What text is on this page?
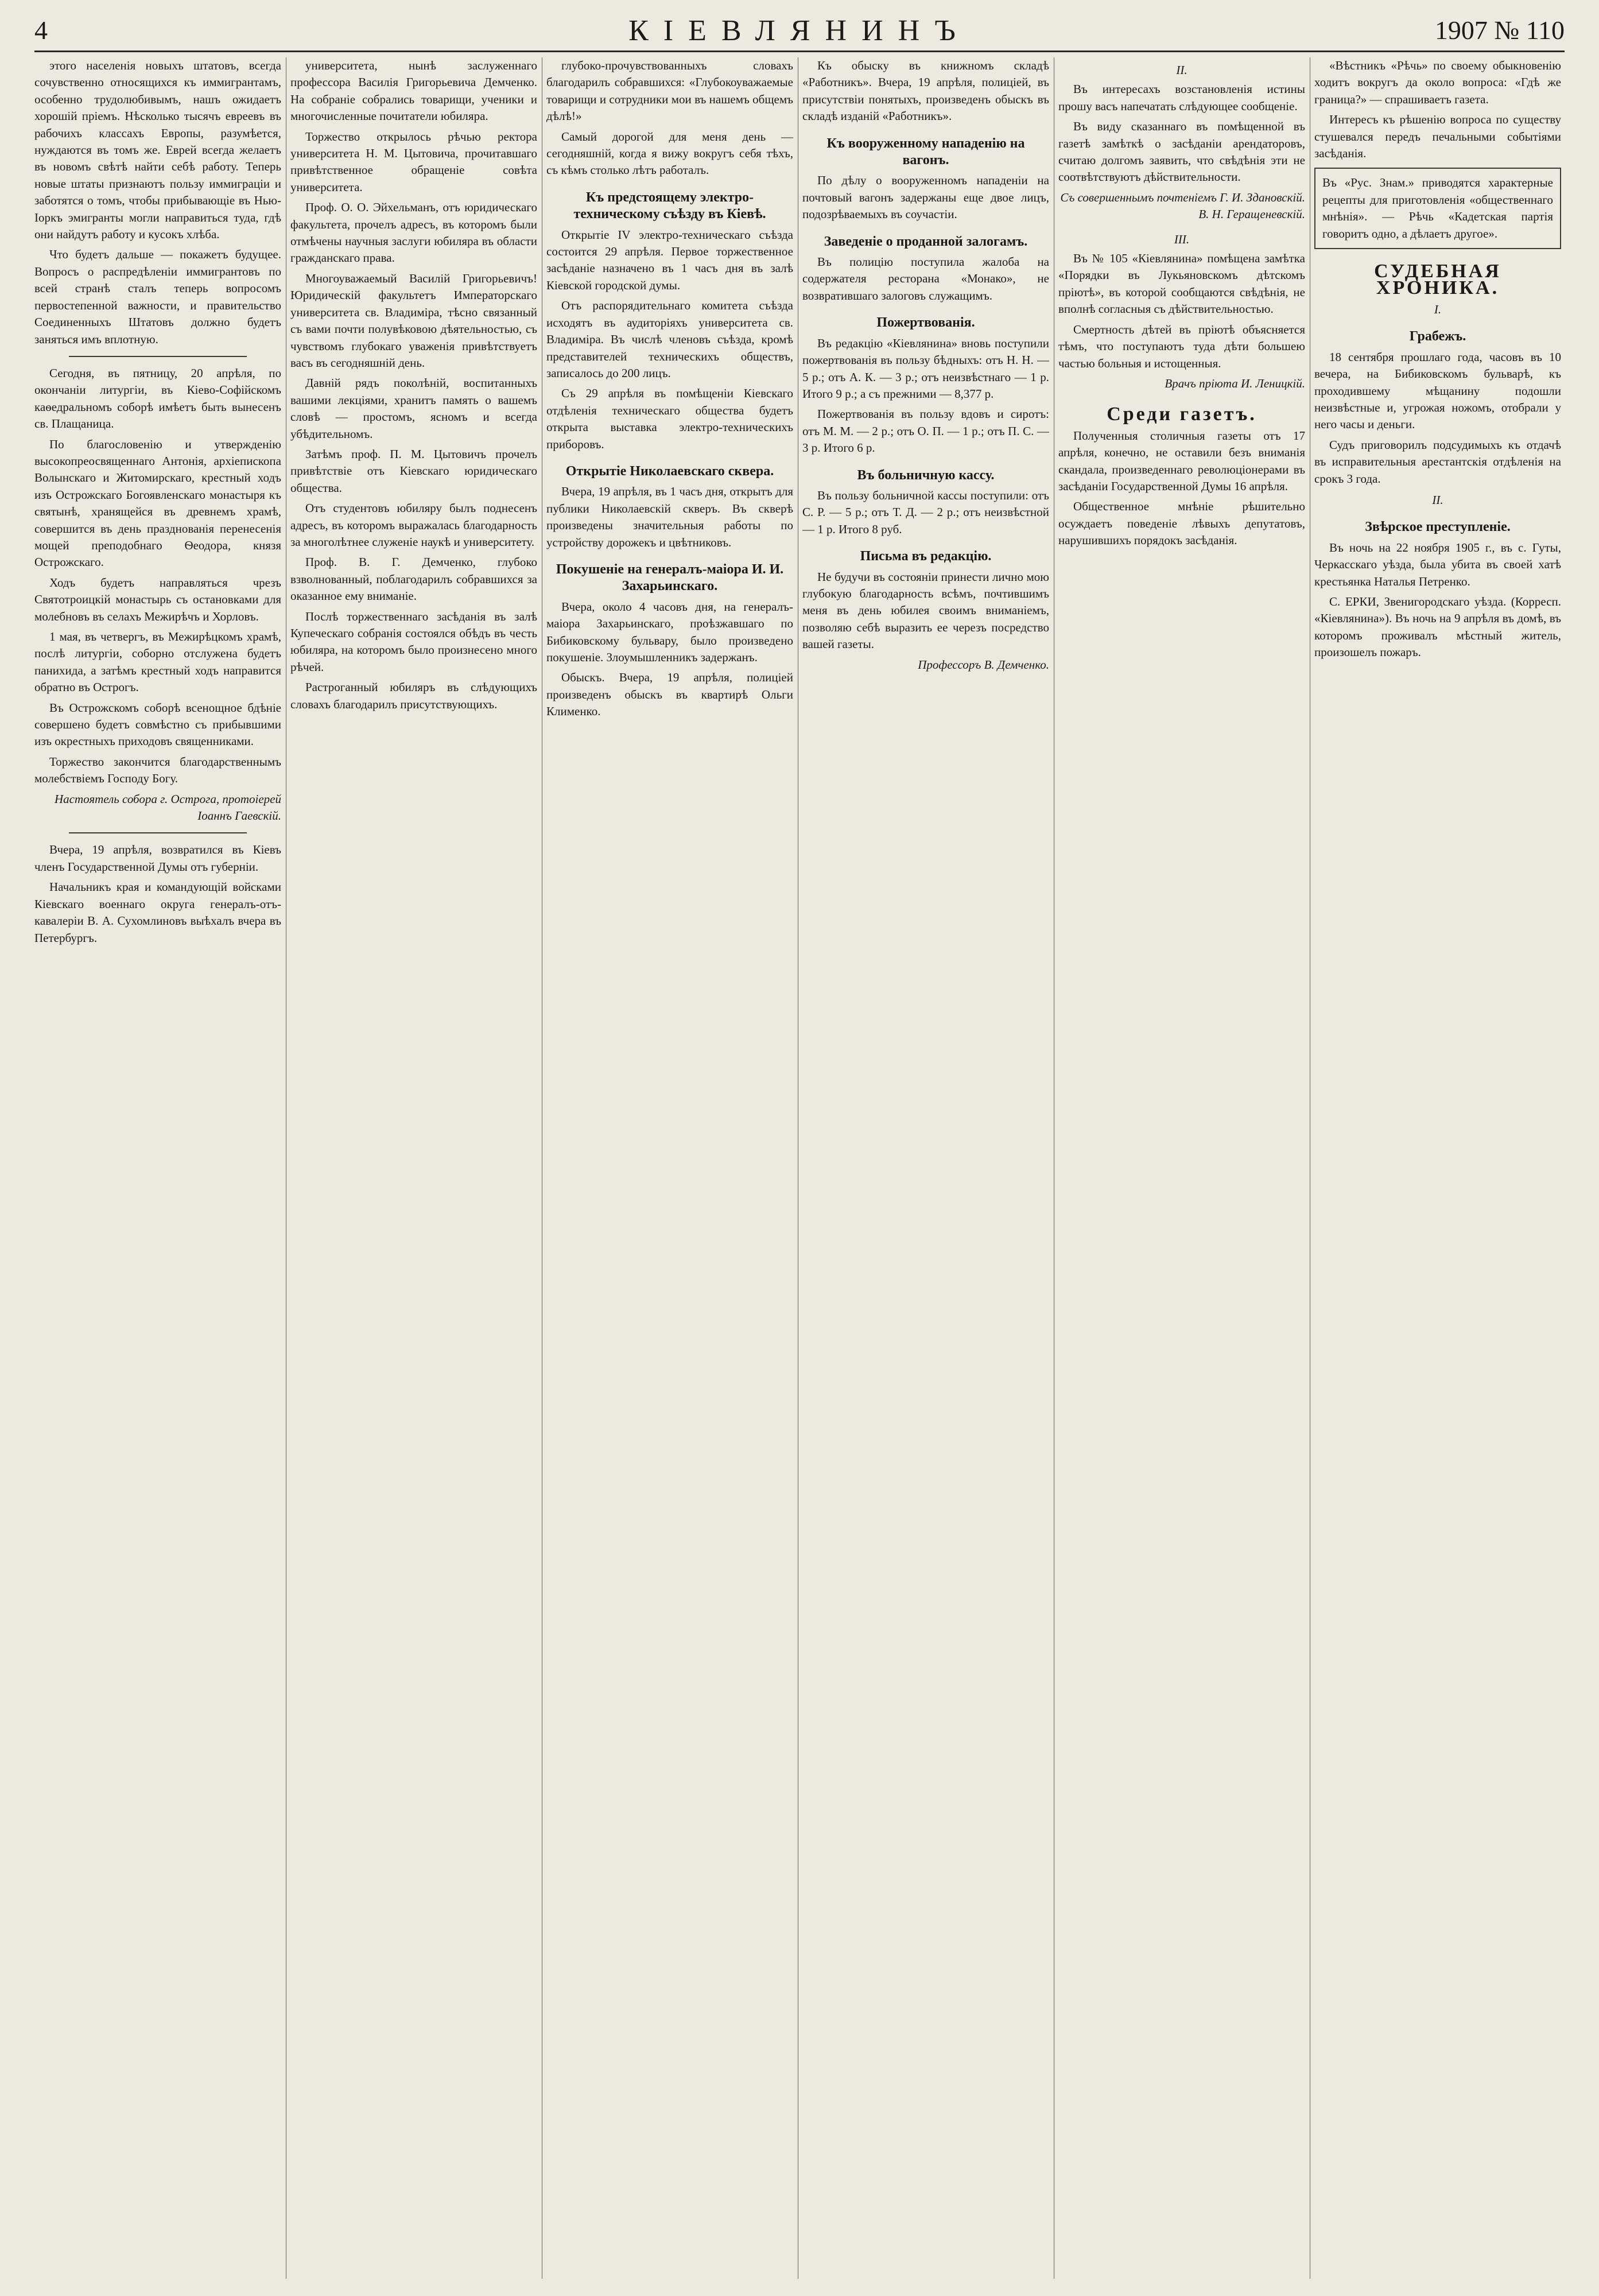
4	КІЕВЛЯНИНЪ	1907 № 110

этого населенія новыхъ штатовъ, всегда сочувственно относящихся къ иммигрантамъ, особенно трудолюбивымъ, нашъ ожидаетъ хорошій пріемъ. Нѣсколько тысячъ евреевъ въ рабочихъ классахъ Европы, разумѣется, нуждаются въ томъ же. Еврей всегда желаетъ въ новомъ свѣтѣ найти себѣ работу. Теперь новые штаты признаютъ пользу иммиграціи и заботятся о томъ, чтобы прибывающіе въ Нью-Іоркъ эмигранты могли направиться туда, гдѣ они найдутъ работу и кусокъ хлѣба.

Что будетъ дальше — покажетъ будущее. Вопросъ о распредѣленіи иммигрантовъ по всей странѣ сталъ теперь вопросомъ первостепенной важности, и правительство Соединенныхъ Штатовъ должно будетъ заняться имъ вплотную.

Сегодня, въ пятницу, 20 апрѣля, по окончаніи литургіи, въ Кіево-Софійскомъ каѳедральномъ соборѣ имѣетъ быть вынесенъ св. Плащаница.

По благословенію и утвержденію высокопреосвященнаго Антонія, архіепископа Волынскаго и Житомирскаго, крестный ходъ изъ Острожскаго Богоявленскаго монастыря къ святынѣ, хранящейся въ древнемъ храмѣ, совершится въ день празднованія перенесенія мощей преподобнаго Ѳеодора, князя Острожскаго.

Ходъ будетъ направляться чрезъ Святотроицкій монастырь съ остановками для молебновъ въ селахъ Межирѣчъ и Хорловъ.

1 мая, въ четвергъ, въ Межирѣцкомъ храмѣ, послѣ литургіи, соборно отслужена будетъ панихида, а затѣмъ крестный ходъ направится обратно въ Острогъ.

Въ Острожскомъ соборѣ всенощное бдѣніе совершено будетъ совмѣстно съ прибывшими изъ окрестныхъ приходовъ священниками.

Торжество закончится благодарственнымъ молебствіемъ Господу Богу.

Настоятель собора г. Острога, протоіерей Іоаннъ Гаевскій.

Вчера, 19 апрѣля, возвратился въ Кіевъ членъ Государственной Думы отъ губерніи.

Начальникъ края и командующій войсками Кіевскаго военнаго округа генералъ-отъ-кавалеріи В. А. Сухомлиновъ выѣхалъ вчера въ Петербургъ.

университета, нынѣ заслуженнаго профессора Василія Григорьевича Демченко. На собраніе собрались товарищи, ученики и многочисленные почитатели юбиляра.

Торжество открылось рѣчью ректора университета Н. М. Цытовича, прочитавшаго привѣтственное обращеніе совѣта университета.

Проф. О. О. Эйхельманъ, отъ юридическаго факультета, прочелъ адресъ, въ которомъ были отмѣчены научныя заслуги юбиляра въ области гражданскаго права.

Многоуважаемый Василій Григорьевичъ! Юридическій факультетъ Императорскаго университета св. Владиміра, тѣсно связанный съ вами почти полувѣковою дѣятельностью, съ чувствомъ глубокаго уваженія привѣтствуетъ васъ въ сегодняшній день.

Давній рядъ поколѣній, воспитанныхъ вашими лекціями, хранитъ память о вашемъ словѣ — простомъ, ясномъ и всегда убѣдительномъ.

Затѣмъ проф. П. М. Цытовичъ прочелъ привѣтствіе отъ Кіевскаго юридическаго общества.

Отъ студентовъ юбиляру былъ поднесенъ адресъ, въ которомъ выражалась благодарность за многолѣтнее служеніе наукѣ и университету.

Проф. В. Г. Демченко, глубоко взволнованный, поблагодарилъ собравшихся за оказанное ему вниманіе.

Послѣ торжественнаго засѣданія въ залѣ Купеческаго собранія состоялся обѣдъ въ честь юбиляра, на которомъ было произнесено много рѣчей.

Растроганный юбиляръ въ слѣдующихъ словахъ благодарилъ присутствующихъ.

глубоко-прочувствованныхъ словахъ благодарилъ собравшихся: «Глубокоуважаемые товарищи и сотрудники мои въ нашемъ общемъ дѣлѣ!»

Самый дорогой для меня день — сегодняшній, когда я вижу вокругъ себя тѣхъ, съ кѣмъ столько лѣтъ работалъ.

Къ предстоящему электро-техническому съѣзду въ Кіевѣ.

Открытіе IV электро-техническаго съѣзда состоится 29 апрѣля. Первое торжественное засѣданіе назначено въ 1 часъ дня въ залѣ Кіевской городской думы.

Отъ распорядительнаго комитета съѣзда исходятъ въ аудиторіяхъ университета св. Владиміра. Въ числѣ членовъ съѣзда, кромѣ представителей техническихъ обществъ, записалось до 200 лицъ.

Съ 29 апрѣля въ помѣщеніи Кіевскаго отдѣленія техническаго общества будетъ открыта выставка электро-техническихъ приборовъ.

Открытіе Николаевскаго сквера.

Вчера, 19 апрѣля, въ 1 часъ дня, открытъ для публики Николаевскій скверъ. Въ скверѣ произведены значительныя работы по устройству дорожекъ и цвѣтниковъ.

Покушеніе на генералъ-маіора И. И. Захарьинскаго.

Вчера, около 4 часовъ дня, на генералъ-маіора Захарьинскаго, проѣзжавшаго по Бибиковскому бульвару, было произведено покушеніе. Злоумышленникъ задержанъ.

Обыскъ. Вчера, 19 апрѣля, полиціей произведенъ обыскъ въ квартирѣ Ольги Клименко.

Къ обыску въ книжномъ складѣ «Работникъ». Вчера, 19 апрѣля, полиціей, въ присутствіи понятыхъ, произведенъ обыскъ въ складѣ изданій «Работникъ».

Къ вооруженному нападенію на вагонъ.

По дѣлу о вооруженномъ нападеніи на почтовый вагонъ задержаны еще двое лицъ, подозрѣваемыхъ въ соучастіи.

Заведеніе о проданной залогамъ.

Въ полицію поступила жалоба на содержателя ресторана «Монако», не возвратившаго залоговъ служащимъ.

Пожертвованія.

Въ редакцію «Кіевлянина» вновь поступили пожертвованія въ пользу бѣдныхъ: отъ Н. Н. — 5 р.; отъ А. К. — 3 р.; отъ неизвѣстнаго — 1 р. Итого 9 р.; а съ прежними — 8,377 р.

Пожертвованія въ пользу вдовъ и сиротъ: отъ М. М. — 2 р.; отъ О. П. — 1 р.; отъ П. С. — 3 р. Итого 6 р.

Въ больничную кассу.

Въ пользу больничной кассы поступили: отъ С. Р. — 5 р.; отъ Т. Д. — 2 р.; отъ неизвѣстной — 1 р. Итого 8 руб.

Письма въ редакцію.

Не будучи въ состояніи принести лично мою глубокую благодарность всѣмъ, почтившимъ меня въ день юбилея своимъ вниманіемъ, позволяю себѣ выразить ее черезъ посредство вашей газеты.

Профессоръ В. Демченко.

II.

Въ интересахъ возстановленія истины прошу васъ напечатать слѣдующее сообщеніе.

Въ виду сказаннаго въ помѣщенной въ газетѣ замѣткѣ о засѣданіи арендаторовъ, считаю долгомъ заявить, что свѣдѣнія эти не соотвѣтствуютъ дѣйствительности.

Съ совершеннымъ почтеніемъ Г. И. Здановскій. В. Н. Геращеневскій.

III.

Въ № 105 «Кіевлянина» помѣщена замѣтка «Порядки въ Лукьяновскомъ дѣтскомъ пріютѣ», въ которой сообщаются свѣдѣнія, не вполнѣ согласныя съ дѣйствительностью.

Смертность дѣтей въ пріютѣ объясняется тѣмъ, что поступаютъ туда дѣти большею частью больныя и истощенныя.

Врачъ пріюта И. Леницкій.

Среди газетъ.

Полученныя столичныя газеты отъ 17 апрѣля, конечно, не оставили безъ вниманія скандала, произведеннаго революціонерами въ засѣданіи Государственной Думы 16 апрѣля.

Общественное мнѣніе рѣшительно осуждаетъ поведеніе лѣвыхъ депутатовъ, нарушившихъ порядокъ засѣданія.

«Вѣстникъ «Рѣчь» по своему обыкновенію ходитъ вокругъ да около вопроса: «Гдѣ же граница?» — спрашиваетъ газета.

Интересъ къ рѣшенію вопроса по существу стушевался передъ печальными событіями засѣданія.

Въ «Рус. Знам.» приводятся характерные рецепты для приготовленія «общественнаго мнѣнія». — Рѣчь «Кадетская партія говоритъ одно, а дѣлаетъ другое».
СУДЕБНАЯ ХРОНИКА.
I.
Грабежъ.

18 сентября прошлаго года, часовъ въ 10 вечера, на Бибиковскомъ бульварѣ, къ проходившему мѣщанину подошли неизвѣстные и, угрожая ножомъ, отобрали у него часы и деньги.

Судъ приговорилъ подсудимыхъ къ отдачѣ въ исправительныя арестантскія отдѣленія на срокъ 3 года.

II.
Звѣрское преступленіе.

Въ ночь на 22 ноября 1905 г., въ с. Гуты, Черкасскаго уѣзда, была убита въ своей хатѣ крестьянка Наталья Петренко.

С. ЕРКИ, Звенигородскаго уѣзда. (Корресп. «Кіевлянина»). Въ ночь на 9 апрѣля въ домѣ, въ которомъ проживалъ мѣстный житель, произошелъ пожаръ.
